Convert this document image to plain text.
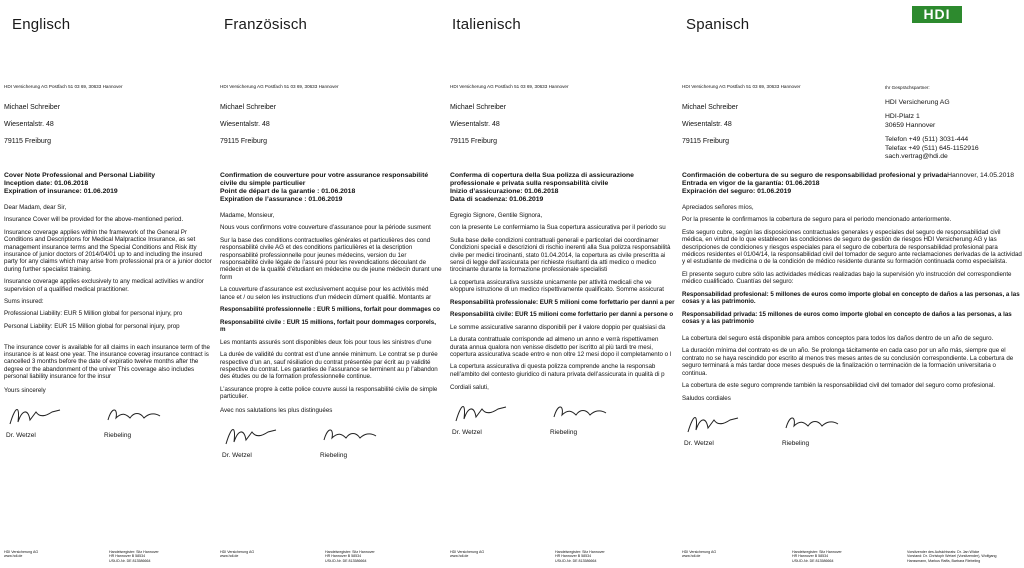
Englisch	Französisch	Italienisch	Spanisch
HDI
HDI Versicherung AG Postfach 51 03 69, 30633 Hannover
Michael Schreiber
Wiesentalstr. 48
79115 Freiburg
Cover Note Professional and Personal Liability
Inception date: 01.06.2018
Expiration of insurance: 01.06.2019

Dear Madam, dear Sir,

Insurance Cover will be provided for the above-mentioned period.

Insurance coverage applies within the framework of the General Pr Conditions and Descriptions for Medical Malpractice Insurance, as set management insurance terms and the Special Conditions and Risk itty insurance of junior doctors of 2014/04/01 up to and including the insured party for any claims which may arise from professional pra or a junior doctor during further specialist training.

Insurance coverage applies exclusively to any medical activities w and/or supervision of a qualified medical practitioner.

Sums insured:

Professional Liability: EUR 5 Million global for personal injury, pro
Personal Liability: EUR 15 Million global for personal injury, prop

The insurance cover is available for all claims in each insurance term of the insurance is at least one year. The insurance coverag insurance contract is cancelled 3 months before the date of expiratio twelve months after the degree or the abandonment of the univer This coverage also includes personal liability insurance for the insur

Yours sincerely
Dr. Wetzel	Riebeling
HDI Versicherung AG
www.hdi.de
Handelsregister: Sitz Hannover
HR Hannover B 58534
USt-ID-Nr. DE 813586664
HDI Versicherung AG Postfach 51 03 69, 30633 Hannover
Michael Schreiber
Wiesentalstr. 48
79115 Freiburg
Confirmation de couverture pour votre assurance responsabilité civile du simple particulier
Point de départ de la garantie : 01.06.2018
Expiration de l’assurance : 01.06.2019

Madame, Monsieur,

Nous vous confirmons votre couverture d’assurance pour la période susment

Sur la base des conditions contractuelles générales et particulières des cond responsabilité civile AG et des conditions particulières et la description responsabilité professionnelle pour jeunes médecins, version du 1er responsabilité civile légale de l’assuré pour les revendications découlant de médecin et de la qualité d’étudiant en médecine ou de jeune médecin durant une form

La couverture d’assurance est exclusivement acquise pour les activités méd lance et / ou selon les instructions d’un médecin dûment qualifié. Montants ar

Responsabilité professionnelle : EUR 5 millions, forfait pour dommages co
Responsabilité civile : EUR 15 millions, forfait pour dommages corporels, m

Les montants assurés sont disponibles deux fois pour tous les sinistres d’une

La durée de validité du contrat est d’une année minimum. Le contrat se p durée respective d’un an, sauf résiliation du contrat présentée par écrit au p validité respective du contrat. Les garanties de l’assurance se terminent au p l’abandon des études ou de la formation professionnelle continue.

L’assurance propre à cette police couvre aussi la responsabilité civile de simple particulier.

Avec nos salutations les plus distinguées
Dr. Wetzel	Riebeling
HDI Versicherung AG
www.hdi.de
Handelsregister: Sitz Hannover
HR Hannover B 58534
USt-ID-Nr. DE 813586664
HDI Versicherung AG Postfach 51 03 69, 30633 Hannover
Michael Schreiber
Wiesentalstr. 48
79115 Freiburg
Conferma di copertura della Sua polizza di assicurazione professionale e privata sulla responsabilità civile
Inizio d’assicurazione: 01.06.2018
Data di scadenza: 01.06.2019

Egregio Signore, Gentile Signora,

con la presente Le confermiamo la Sua copertura assicurativa per il periodo su

Sulla base delle condizioni contrattuali generali e particolari dei coordinamer Condizioni speciali e descrizioni di rischio inerenti alla Sua polizza responsabilità civile per medici tirocinanti, stato 01.04.2014, la copertura as civile prescritta ai sensi di legge dell’assicurata per richieste risultanti da atti medico o medico tirocinante durante la formazione professionale specialisti

La copertura assicurativa sussiste unicamente per attività medicali che ve e/oppure istruzione di un medico rispettivamente qualificato. Somme assicurat

Responsabilità professionale: EUR 5 milioni come forfettario per danni a per
Responsabilità civile: EUR 15 milioni come forfettario per danni a persone o

Le somme assicurative saranno disponibili per il valore doppio per qualsiasi da

La durata contrattuale corrisponde ad almeno un anno e verrà rispettivamen durata annua qualora non venisse disdetto per iscritto al più tardi tre mesi, copertura assicurativa scade entro e non oltre 12 mesi dopo il completamento o l

La copertura assicurativa di questa polizza comprende anche la responsab nell’ambito del contesto giuridico di natura privata dell’assicurata in qualità di p

Cordiali saluti,
Dr. Wetzel	Riebeling
HDI Versicherung AG
www.hdi.de
Handelsregister: Sitz Hannover
HR Hannover B 58534
USt-ID-Nr. DE 813586664
HDI Versicherung AG Postfach 51 03 69, 30633 Hannover
Michael Schreiber
Wiesentalstr. 48
79115 Freiburg
Confirmación de cobertura de su seguro de responsabilidad profesional y privada
Entrada en vigor de la garantía: 01.06.2018
Expiración del seguro: 01.06.2019

Apreciados señores míos,

Por la presente le confirmamos la cobertura de seguro para el periodo mencionado anteriormente.

Este seguro cubre, según las disposiciones contractuales generales y especiales del seguro de responsabilidad civil médica, en virtud de lo que establecen las condiciones de seguro de gestión de riesgos HDI Versicherung AG y las descripciones de condiciones y riesgos especiales para el seguro de cobertura de responsabilidad profesional para médicos residentes el 01/04/14, la responsabilidad civil del tomador de seguro ante reclamaciones derivadas de la actividad y el estudiante de medicina o de la condición de médico residente durante su formación continuada como especialista.

El presente seguro cubre sólo las actividades médicas realizadas bajo la supervisión y/o instrucción del correspondiente médico cualificado. Cuantías del seguro:

Responsabilidad profesional: 5 millones de euros como importe global en concepto de daños a las personas, a las cosas y a las patrimonio.
Responsabilidad privada: 15 millones de euros como importe global en concepto de daños a las personas, a las cosas y a las patrimonio

La cobertura del seguro está disponible para ambos conceptos para todos los daños dentro de un año de seguro.

La duración mínima del contrato es de un año. Se prolonga tácitamente en cada caso por un año más, siempre que el contrato no se haya rescindido por escrito al menos tres meses antes de su conclusión correspondiente. La cobertura de seguro terminará a más tardar doce meses después de la finalización o terminación de la formación universitaria o continua.

La cobertura de este seguro comprende también la responsabilidad civil del tomador del seguro como profesional.

Saludos cordiales
Dr. Wetzel	Riebeling
HDI Versicherung AG
www.hdi.de
Handelsregister: Sitz Hannover
HR Hannover B 58534
USt-ID-Nr. DE 813586664
Vorsitzender des Aufsichtsrats: Dr. Jan Wicke
Vorstand: Dr. Christoph Wetzel (Vorsitzender), Wolfgang Hanssmann, Markus Raffa, Barbara Riebeling
Ihr Gesprächspartner:
HDI Versicherung AG
HDI-Platz 1
30659 Hannover
Telefon +49 (511) 3031-444
Telefax +49 (511) 645-1152916
sach.vertrag@hdi.de
Hannover, 14.05.2018
